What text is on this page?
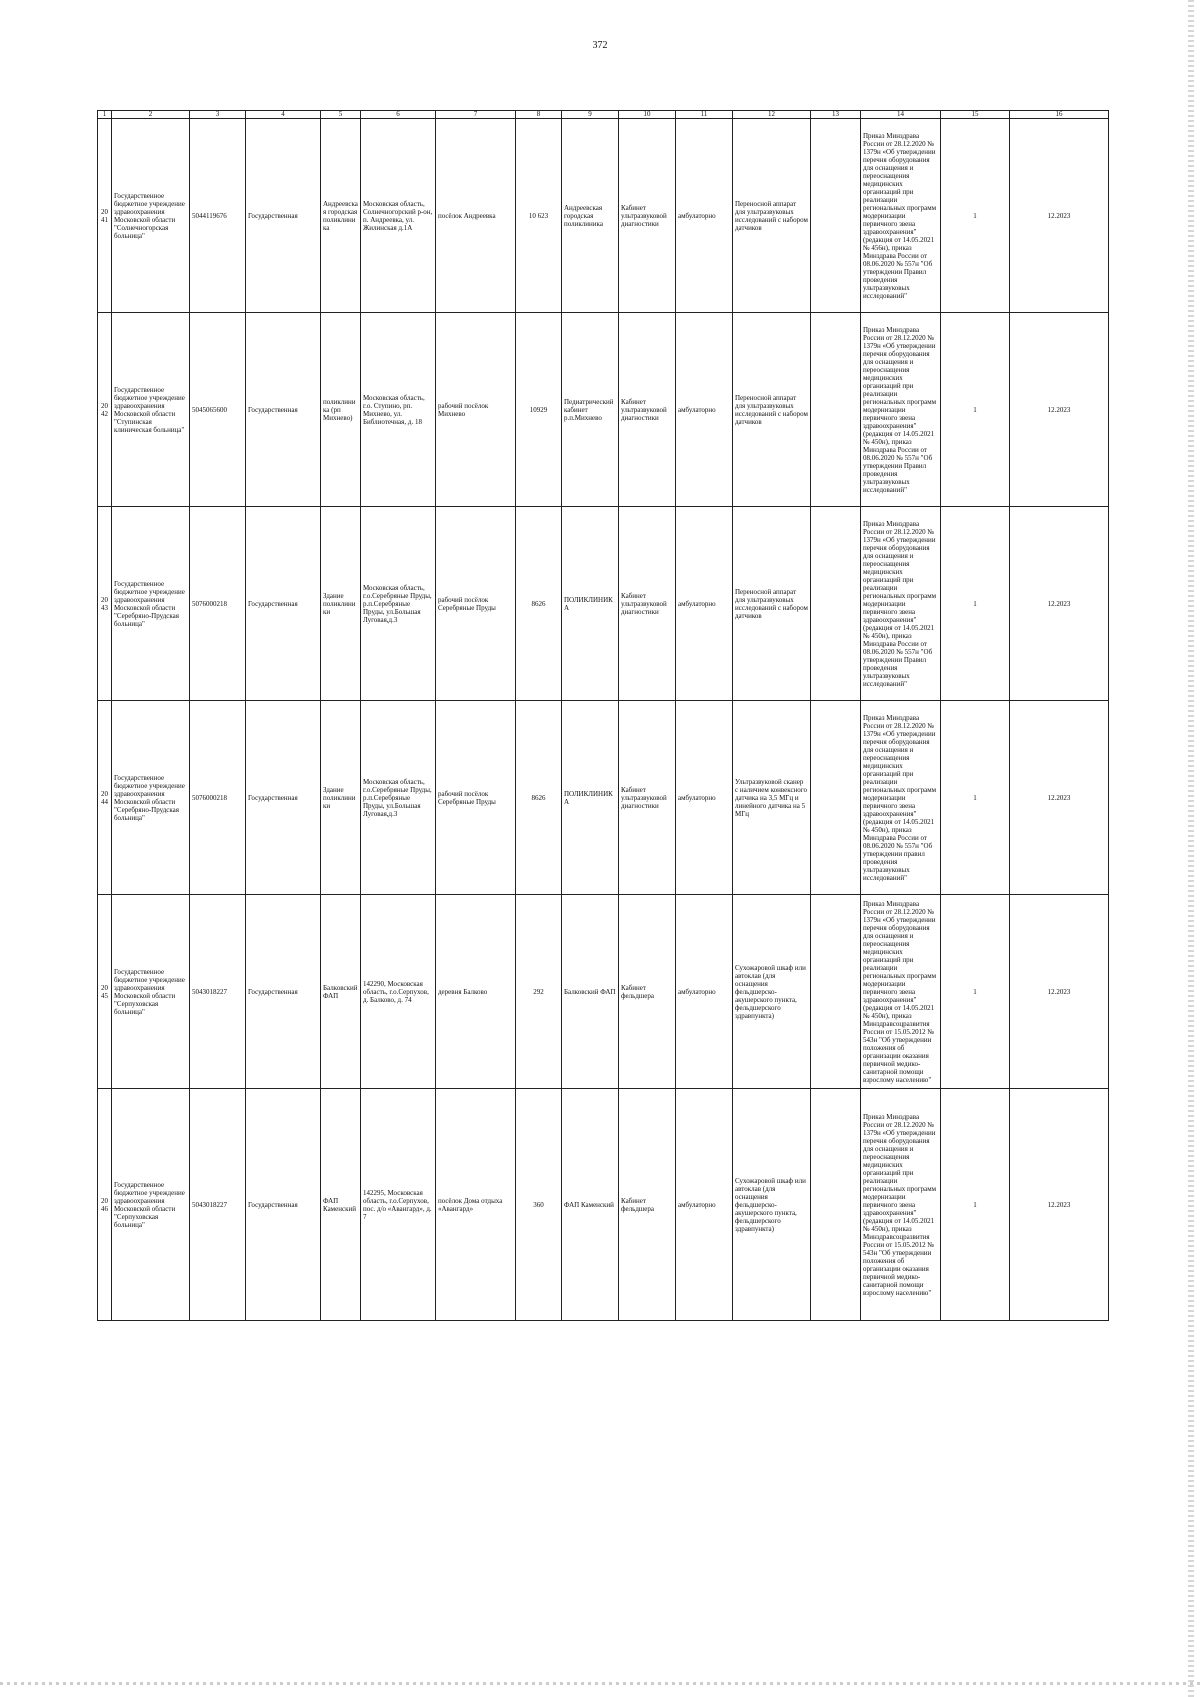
372
1	2	3	4	5	6	7	8	9	10	11	12	13	14	15	16
2041	Государственное бюджетное учреждение здравоохранения Московской области "Солнечногорская больница"	5044119676	Государственная	Андреевская городская поликлиника	Московская область, Солнечногорский р-он, п. Андреевка, ул. Жилинская д.1А	посёлок Андреевка	10 623	Андреевская городская поликлиника	Кабинет ультразвуковой диагностики	амбулаторно	Переносной аппарат для ультразвуковых исследований с набором датчиков		Приказ Минздрава России от 28.12.2020 № 1379н «Об утверждении перечня оборудования для оснащения и переоснащения медицинских организаций при реализации региональных программ модернизации первичного звена здравоохранения"(редакция от 14.05.2021 № 456н), приказ Минздрава России от 08.06.2020 № 557н "Об утверждении Правил проведения ультразвуковых исследований"	1	12.2023
2042	Государственное бюджетное учреждение здравоохранения Московской области "Ступинская клиническая больница"	5045065600	Государственная	поликлиника (рп Михнево)	Московская область, г.о. Ступино, рп. Михнево, ул. Библиотечная, д. 18	рабочий посёлок Михнево	10929	Педиатрический кабинет р.п.Михнево	Кабинет ультразвуковой диагностики	амбулаторно	Переносной аппарат для ультразвуковых исследований с набором датчиков		Приказ Минздрава России от 28.12.2020 № 1379н «Об утверждении перечня оборудования для оснащения и переоснащения медицинских организаций при реализации региональных программ модернизации первичного звена здравоохранения"(редакция от 14.05.2021 № 450н), приказ Минздрава России от 08.06.2020 № 557н "Об утверждении Правил проведения ультразвуковых исследований"	1	12.2023
2043	Государственное бюджетное учреждение здравоохранения Московской области "Серебряно-Прудская больница"	5076000218	Государственная	Здание поликлиники	Московская область, г.о.Серебряные Пруды, р.п.Серебряные Пруды, ул.Большая Луговая,д.3	рабочий посёлок Серебряные Пруды	8626	ПОЛИКЛИНИКА	Кабинет ультразвуковой диагностики	амбулаторно	Переносной аппарат для ультразвуковых исследований с набором датчиков		Приказ Минздрава России от 28.12.2020 № 1379н «Об утверждении перечня оборудования для оснащения и переоснащения медицинских организаций при реализации региональных программ модернизации первичного звена здравоохранения"(редакция от 14.05.2021 № 450н), приказ Минздрава России от 08.06.2020 № 557н "Об утверждении Правил проведения ультразвуковых исследований"	1	12.2023
2044	Государственное бюджетное учреждение здравоохранения Московской области "Серебряно-Прудская больница"	5076000218	Государственная	Здание поликлиники	Московская область, г.о.Серебряные Пруды, р.п.Серебряные Пруды, ул.Большая Луговая,д.3	рабочий посёлок Серебряные Пруды	8626	ПОЛИКЛИНИКА	Кабинет ультразвуковой диагностики	амбулаторно	Ультразвуковой сканер с наличием конвексного датчика на 3,5 МГц и линейного датчика на 5 МГц		Приказ Минздрава России от 28.12.2020 № 1379н «Об утверждении перечня оборудования для оснащения и переоснащения медицинских организаций при реализации региональных программ модернизации первичного звена здравоохранения"(редакция от 14.05.2021 № 450н), приказ Минздрава России от 08.06.2020 № 557н "Об утверждении правил проведения ультразвуковых исследований"	1	12.2023
2045	Государственное бюджетное учреждение здравоохранения Московской области "Серпуховская больница"	5043018227	Государственная	Балковский ФАП	142290, Московская область, г.о.Серпухов, д. Балково, д. 74	деревня Балково	292	Балковский ФАП	Кабинет фельдшера	амбулаторно	Сухожаровой шкаф или автоклав (для оснащения фельдшерско-акушерского пункта, фельдшерского здравпункта)		Приказ Минздрава России от 28.12.2020 № 1379н «Об утверждении перечня оборудования для оснащения и переоснащения медицинских организаций при реализации региональных программ модернизации первичного звена здравоохранения"(редакция от 14.05.2021 № 450н), приказ Минздравсоцразвития России от 15.05.2012 № 543н "Об утверждении положения об организации оказания первичной медико-санитарной помощи взрослому населению"	1	12.2023
2046	Государственное бюджетное учреждение здравоохранения Московской области "Серпуховская больница"	5043018227	Государственная	ФАП Каменский	142295, Московская область, г.о.Серпухов, пос. д/о «Авангард», д. 7	посёлок Дома отдыха «Авангард»	360	ФАП Каменский	Кабинет фельдшера	амбулаторно	Сухожаровой шкаф или автоклав (для оснащения фельдшерско-акушерского пункта, фельдшерского здравпункта)		Приказ Минздрава России от 28.12.2020 № 1379н «Об утверждении перечня оборудования для оснащения и переоснащения медицинских организаций при реализации региональных программ модернизации первичного звена здравоохранения"(редакция от 14.05.2021 № 450н), приказ Минздравсоцразвития России от 15.05.2012 № 543н "Об утверждении положения об организации оказания первичной медико-санитарной помощи взрослому населению"	1	12.2023
